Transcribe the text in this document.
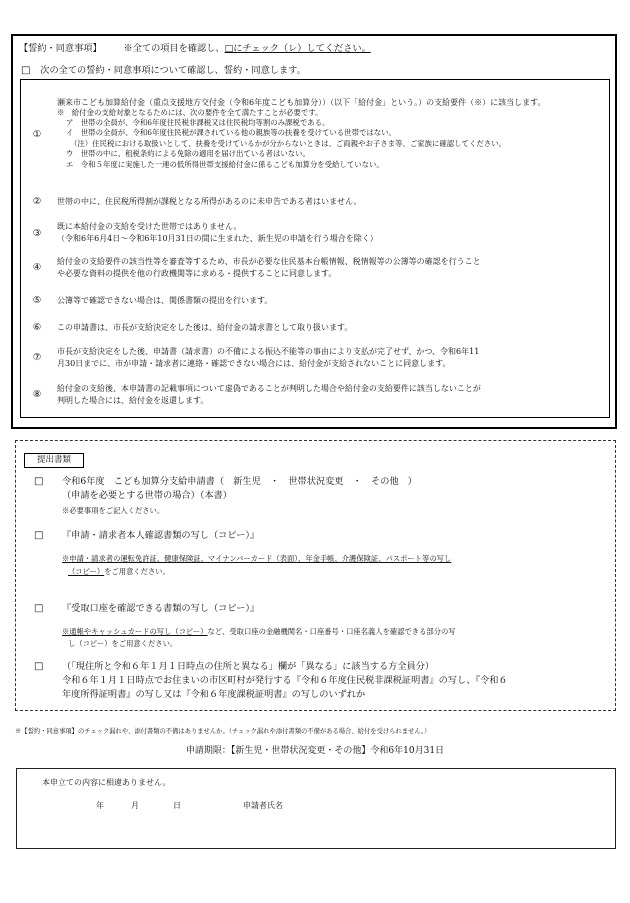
【誓約・同意事項】 ※全ての項目を確認し、□にチェック（レ）してください。
□ 次の全ての誓約・同意事項について確認し、誓約・同意します。
①
瀬来市こども加算給付金（重点支援地方交付金（令和6年度こども加算分））（以下「給付金」という。）の支給要件（※）に該当します。
※　給付金の支給対象となるためには、次の要件を全て満たすことが必要です。
ア　世帯の全員が、令和6年度住民税非課税又は住民税均等割のみ課税である。
イ　世帯の全員が、令和6年度住民税が課されている他の親族等の扶養を受けている世帯ではない。
（注）住民税における取扱いとして、扶養を受けているかが分からないときは、ご両親やお子さま等、ご家族に確認してください。
ウ　世帯の中に、租税条約による免除の適用を届け出ている者はいない。
エ　令和５年度に実施した一連の低所得世帯支援給付金に係るこども加算分を受給していない。
②	世帯の中に、住民税所得割が課税となる所得があるのに未申告である者はいません。
③
既に本給付金の支給を受けた世帯ではありません。
（令和6年6月4日～令和6年10月31日の間に生まれた、新生児の申請を行う場合を除く）
④
給付金の支給要件の該当性等を審査等するため、市長が必要な住民基本台帳情報、税情報等の公簿等の確認を行うこと
や必要な資料の提供を他の行政機関等に求める・提供することに同意します。
⑤	公簿等で確認できない場合は、関係書類の提出を行います。
⑥	この申請書は、市長が支給決定をした後は、給付金の請求書として取り扱います。
⑦
市長が支給決定をした後、申請書（請求書）の不備による振込不能等の事由により支払が完了せず、かつ、令和6年11
月30日までに、市が申請・請求者に連絡・確認できない場合には、給付金が支給されないことに同意します。
⑧
給付金の支給後、本申請書の記載事項について虚偽であることが判明した場合や給付金の支給要件に該当しないことが
判明した場合には、給付金を返還します。
提出書類
□ 令和6年度　こども加算分支給申請書（　新生児　・　世帯状況変更　・　その他　）
（申請を必要とする世帯の場合）（本書）
※必要事項をご記入ください。
□ 『申請・請求者本人確認書類の写し（コピー）』
※申請・請求者の運転免許証、健康保険証、マイナンバーカード（表面）、年金手帳、介護保険証、パスポート等の写し
（コピー）をご用意ください。
□ 『受取口座を確認できる書類の写し（コピー）』
※通帳やキャッシュカードの写し（コピー）など、受取口座の金融機関名・口座番号・口座名義人を確認できる部分の写
し（コピー）をご用意ください。
□ （「現住所と令和６年１月１日時点の住所と異なる」欄が「異なる」に該当する方全員分）
令和６年１月１日時点でお住まいの市区町村が発行する『令和６年度住民税非課税証明書』の写し、『令和６
年度所得証明書』の写し又は『令和６年度課税証明書』の写しのいずれか
※【誓約・同意事項】のチェック漏れや、添付書類の不備はありませんか。（チェック漏れや添付書類の不備がある場合、給付を受けられません。）
申請期限：【新生児・世帯状況変更・その他】令和6年10月31日
本申立ての内容に相違ありません。
年	月	日	申請者氏名
